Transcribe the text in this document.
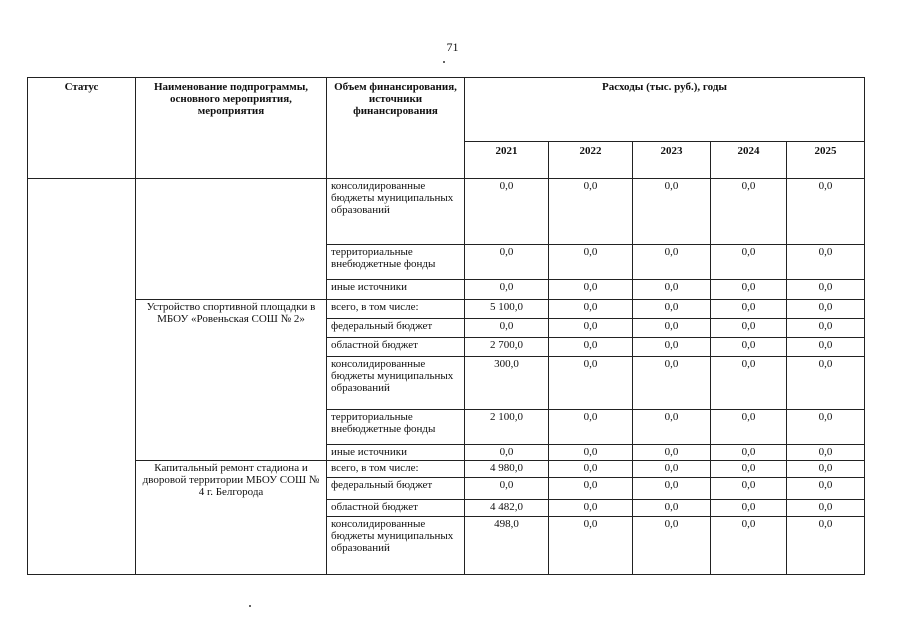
71
Статус	Наименование подпрограммы, основного мероприятия, мероприятия	Объем финансирования, источники финансирования	Расходы (тыс. руб.), годы				
			2021	2022	2023	2024	2025
		консолидированные бюджеты муниципальных образований	0,0	0,0	0,0	0,0	0,0
		территориальные внебюджетные фонды	0,0	0,0	0,0	0,0	0,0
		иные источники	0,0	0,0	0,0	0,0	0,0
	Устройство спортивной площадки в МБОУ «Ровеньская СОШ № 2»	всего, в том числе:	5 100,0	0,0	0,0	0,0	0,0
		федеральный бюджет	0,0	0,0	0,0	0,0	0,0
		областной бюджет	2 700,0	0,0	0,0	0,0	0,0
		консолидированные бюджеты муниципальных образований	300,0	0,0	0,0	0,0	0,0
		территориальные внебюджетные фонды	2 100,0	0,0	0,0	0,0	0,0
		иные источники	0,0	0,0	0,0	0,0	0,0
	Капитальный ремонт стадиона и дворовой территории МБОУ СОШ № 4 г. Белгорода	всего, в том числе:	4 980,0	0,0	0,0	0,0	0,0
		федеральный бюджет	0,0	0,0	0,0	0,0	0,0
		областной бюджет	4 482,0	0,0	0,0	0,0	0,0
		консолидированные бюджеты муниципальных образований	498,0	0,0	0,0	0,0	0,0
